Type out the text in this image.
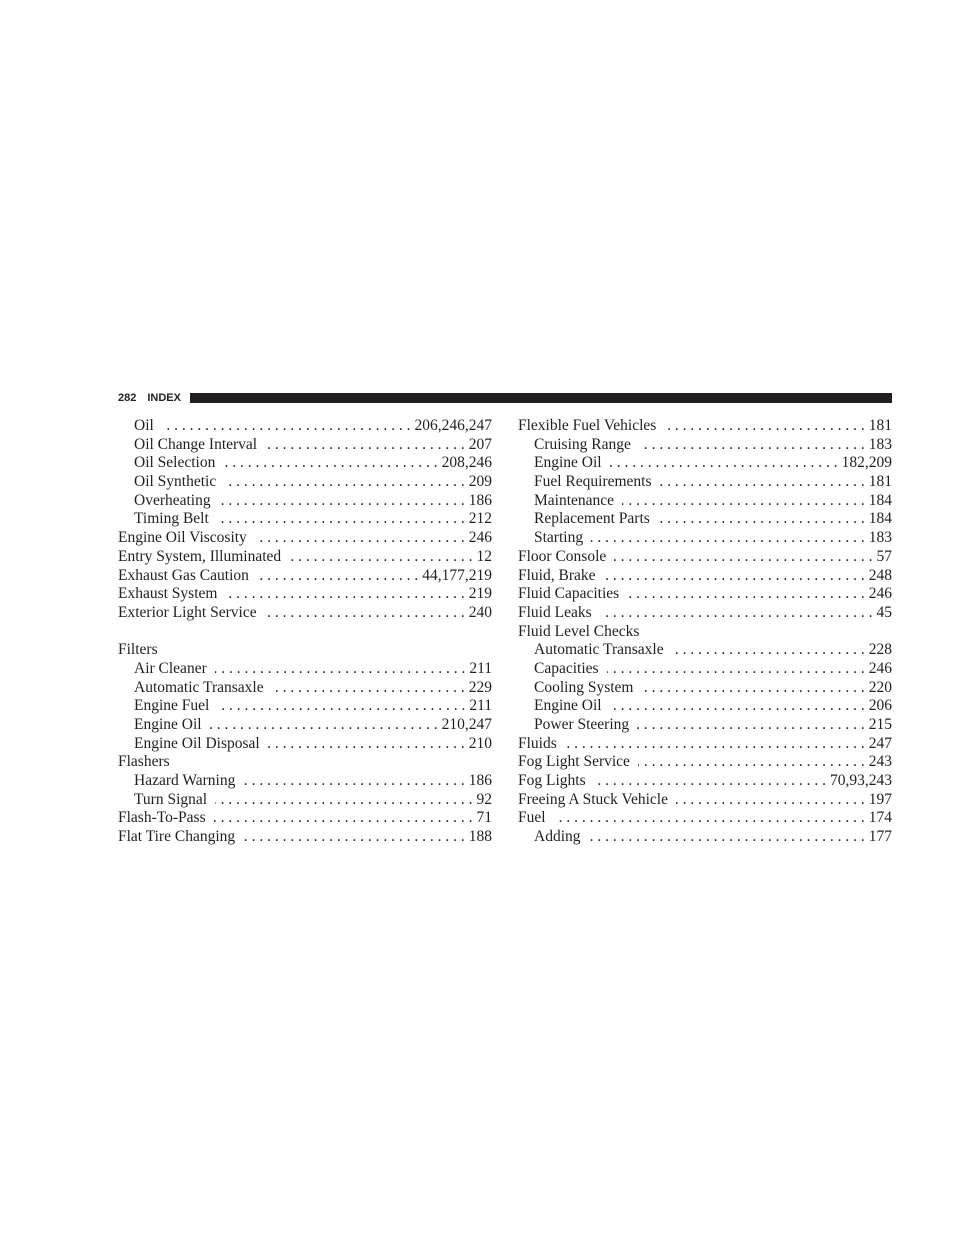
282 INDEX
Oil . . .	206,246,247
Oil Change Interval . . .	207
Oil Selection . . .	208,246
Oil Synthetic . . .	209
Overheating . . .	186
Timing Belt . . .	212
Engine Oil Viscosity . . .	246
Entry System, Illuminated . . .	12
Exhaust Gas Caution . . .	44,177,219
Exhaust System . . .	219
Exterior Light Service . . .	240
Filters
Air Cleaner . . .	211
Automatic Transaxle . . .	229
Engine Fuel . . .	211
Engine Oil . . .	210,247
Engine Oil Disposal . . .	210
Flashers
Hazard Warning . . .	186
Turn Signal . . .	92
Flash-To-Pass . . .	71
Flat Tire Changing . . .	188
Flexible Fuel Vehicles . . .	181
Cruising Range . . .	183
Engine Oil . . .	182,209
Fuel Requirements . . .	181
Maintenance . . .	184
Replacement Parts . . .	184
Starting . . .	183
Floor Console . . .	57
Fluid, Brake . . .	248
Fluid Capacities . . .	246
Fluid Leaks . . .	45
Fluid Level Checks
Automatic Transaxle . . .	228
Capacities . . .	246
Cooling System . . .	220
Engine Oil . . .	206
Power Steering . . .	215
Fluids . . .	247
Fog Light Service . . .	243
Fog Lights . . .	70,93,243
Freeing A Stuck Vehicle . . .	197
Fuel . . .	174
Adding . . .	177
